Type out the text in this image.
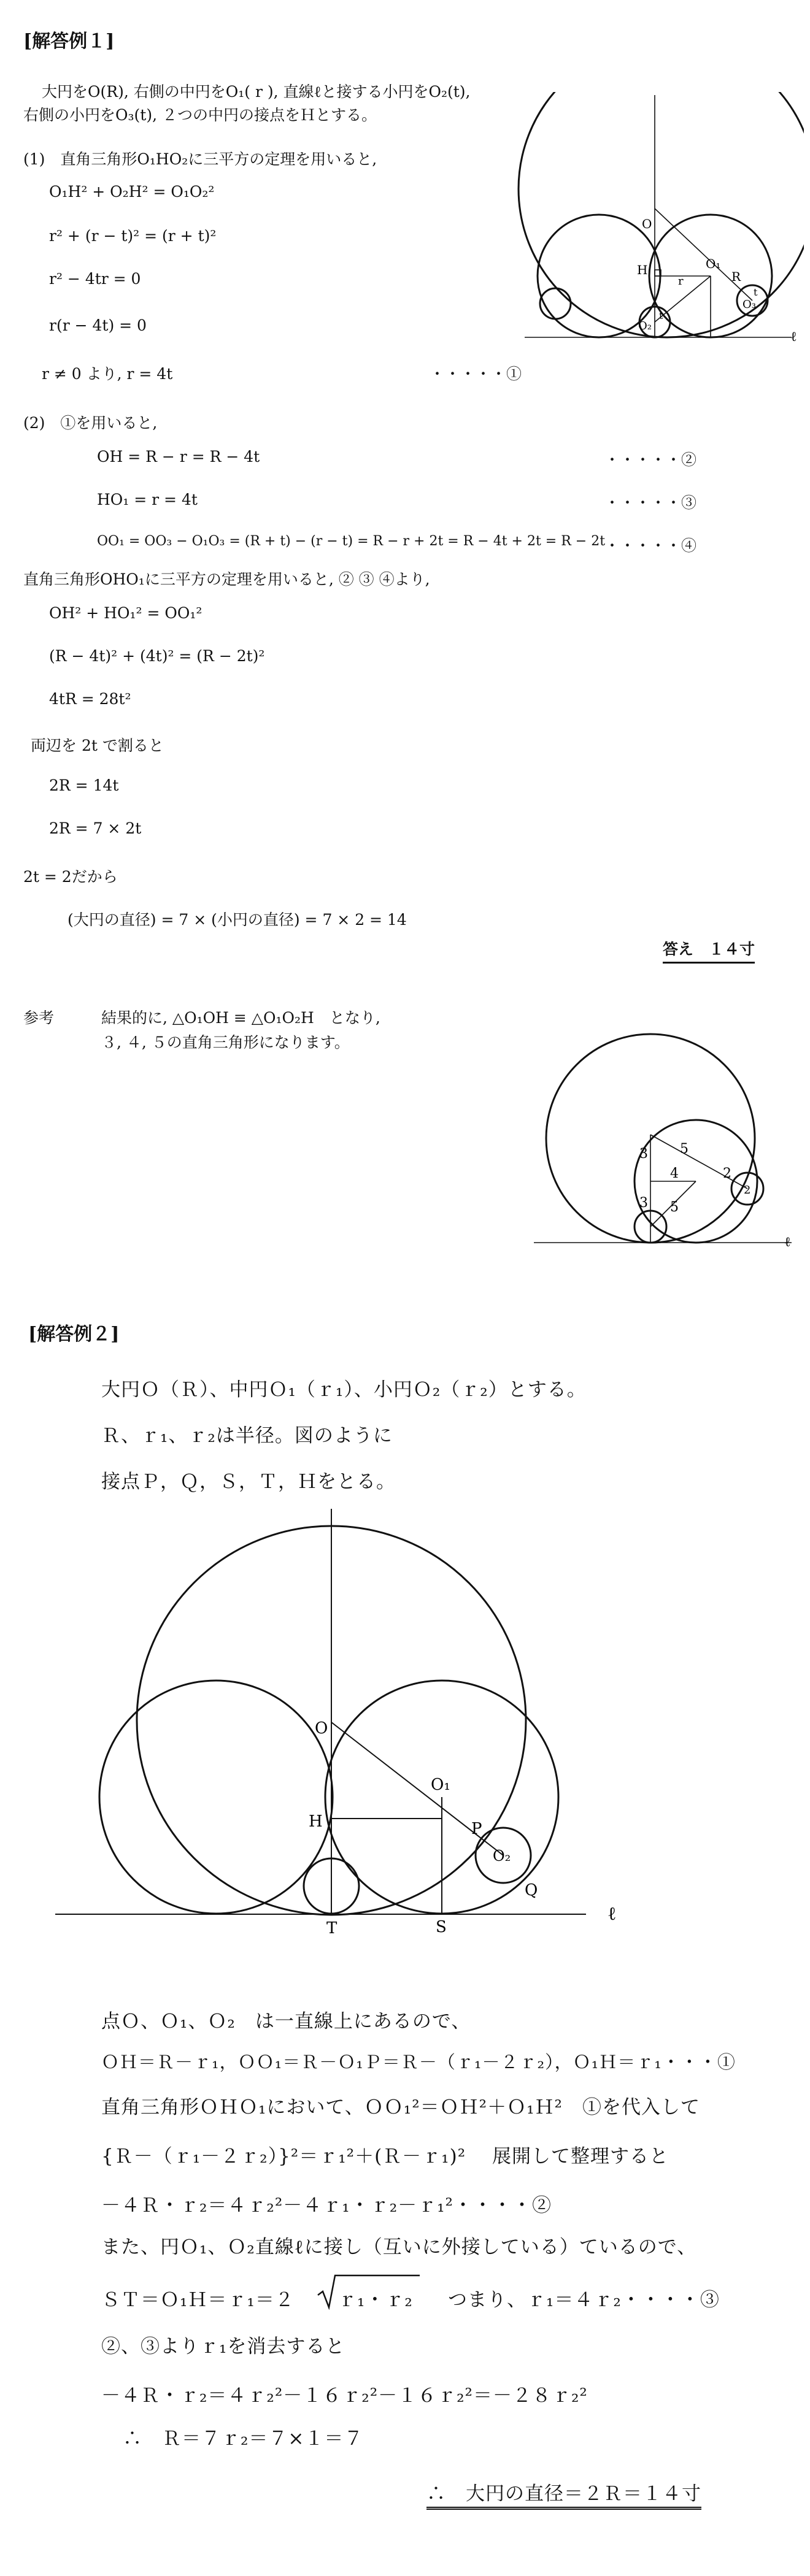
[解答例１]
大円をO(R), 右側の中円をO₁( r ), 直線ℓと接する小円をO₂(t),
右側の小円をO₃(t), ２つの中円の接点をＨとする。
(1)　直角三角形O₁HO₂に三平方の定理を用いると,
O₁H² + O₂H² = O₁O₂²
r² + (r − t)² = (r + t)²
r² − 4tr = 0
r(r − 4t) = 0
r ≠ 0 より, r = 4t	・・・・・①
(2)　①を用いると,
OH = R − r = R − 4t	・・・・・②
HO₁ = r = 4t	・・・・・③
OO₁ = OO₃ − O₁O₃ = (R + t) − (r − t) = R − r + 2t = R − 4t + 2t = R − 2t
・・・・・④
直角三角形OHO₁に三平方の定理を用いると, ② ③ ④より,
OH² + HO₁² = OO₁²
(R − 4t)² + (4t)² = (R − 2t)²
4tR = 28t²
両辺を 2t で割ると
2R = 14t
2R = 7 × 2t
2t = 2だから
(大円の直径) = 7 × (小円の直径) = 7 × 2 = 14
答え　１４寸
参考	結果的に, △O₁OH ≡ △O₁O₂H　となり,
３, ４, ５の直角三角形になります。
O
O₁
H
r	R
O₂
O₃
t
t
ℓ
3 5
4	2
3 5
2
ℓ
[解答例２]
大円Ｏ（Ｒ）、中円Ｏ₁（ｒ₁）、小円Ｏ₂（ｒ₂）とする。
Ｒ、ｒ₁、ｒ₂は半径。図のように
接点Ｐ，Ｑ，Ｓ，Ｔ，Ｈをとる。
O
O₁
H	P
O₂
Q
T	S
ℓ
点Ｏ、Ｏ₁、Ｏ₂　は一直線上にあるので、
ＯＨ＝Ｒ－ｒ₁，ＯＯ₁＝Ｒ－Ｏ₁Ｐ＝Ｒ－（ｒ₁－２ｒ₂），Ｏ₁Ｈ＝ｒ₁・・・①
直角三角形ＯＨＯ₁において、ＯＯ₁²＝ＯＨ²＋Ｏ₁Ｈ²　①を代入して
{Ｒ－（ｒ₁－２ｒ₂）}²＝ｒ₁²＋(Ｒ－ｒ₁)²　 展開して整理すると
－４Ｒ・ｒ₂＝４ｒ₂²－４ｒ₁・ｒ₂－ｒ₁²・・・・②
また、円Ｏ₁、Ｏ₂直線ℓに接し（互いに外接している）ているので、
ＳＴ＝Ｏ₁Ｈ＝ｒ₁＝２ ｒ₁・ｒ₂ つまり、ｒ₁＝４ｒ₂・・・・③
②、③よりｒ₁を消去すると
－４Ｒ・ｒ₂＝４ｒ₂²－１６ｒ₂²－１６ｒ₂²＝－２８ｒ₂²
∴　Ｒ＝７ｒ₂＝７×１＝７
∴　大円の直径＝２Ｒ＝１４寸
